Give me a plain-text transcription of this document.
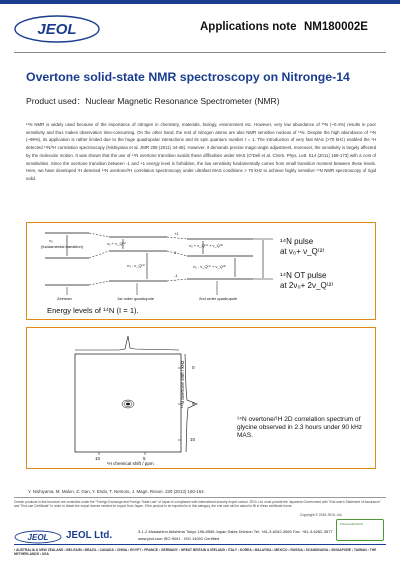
JEOL	Applications note NM180002E
Overtone solid-state NMR spectroscopy on Nitronge-14
Product used：Nuclear Magnetic Resonance Spectrometer (NMR)
¹⁴N NMR is widely used because of the importance of nitrogen in chemistry, materials, biology, environment etc. However, very low abundance of ¹⁵N (~0.4%) results in poor sensitivity and thus makes observation time-consuming. On the other hand, the rest of nitrogen atoms are also NMR sensitive nucleus of ¹⁴N. Despite the high abundance of ¹⁴N (~99%), its application is rather limited due to the huge quadrupolar interactions and its spin quantum number I = 1. The introduction of very fast MAS (>70 kHz) enabled the ¹H detected ¹⁴N/¹H correlation spectroscopy (Nishiyama et al. JMR 208 (2011) 44-48). However, it demands precise magic-angle adjustment, moreover, the sensitivity is largely affected by the molecular motion. It was shown that the use of ¹⁴N overtone transition avoids these difficulties under MAS (O'Dell et al. Chem. Phys. Lett. 514 (2011) 168-173) with a cost of sensitivities. Since the overtone transition between -1 and +1 energy level is forbidden, the low sensitivity fundamentally comes from small transition moment between these levels. Here, we have developed ¹H detected ¹⁴N overtone/¹H correlation spectroscopy under ultrafast MAS conditions > 70 kHz to achieve highly sensitive ¹⁴N NMR spectroscopy of rigid solid.
+1
0
-1
ν₀
(fundamental transition)
ν₀ + ν_Q⁽¹⁾
ν₀ - ν_Q⁽¹⁾
ν₀ + ν_Q⁽¹⁾ + ν_Q⁽²⁾
ν₀ - ν_Q⁽¹⁾ + ν_Q⁽²⁾
Zeeman	1st order quadrupole	2nd order quadrupole
Energy levels of ¹⁴N (I = 1).
¹⁴N pulse
at ν₀+ ν_Q⁽²⁾
¹⁴N OT pulse
at 2ν₀+ 2ν_Q⁽²⁾
0
5
10
10	5
¹H chemical shift / ppm
¹⁴N overtone shift / kHz
¹⁴N overtone/¹H 2D correlation spectrum of glycine observed in 2.3 hours under 90 kHz MAS.
Y. Nishiyama, M. Malon, Z. Gan, Y. Endo, T. Nemoto, J. Magn. Reson. 230 (2013) 160-164.
Certain products in this brochure are controlled under the "Foreign Exchange and Foreign Trade Law" of Japan in compliance with international security export control. JEOL Ltd. must provide the Japanese Government with "End-user's Statement of Assurance" and "End-use Certificate" in order to obtain the export license needed for export from Japan. If the product to be exported is in this category, the end user will be asked to fill in these certificate forms.
Copyright © 2018 JEOL Ltd.
Printed with ECO
JEOL JEOL Ltd.	3-1-2 Musashino Akishima Tokyo 196-8558 Japan Sales Division Tel. +81-3-6262-3560 Fax. +81-3-6262-3577
www.jeol.com ISO 9001 · ISO 14001 Certified
• AUSTRALIA & NEW ZEALAND • BELGIUM • BRAZIL • CANADA • CHINA • EGYPT • FRANCE • GERMANY • GREAT BRITAIN & IRELAND • ITALY • KOREA • MALAYSIA • MEXICO • RUSSIA • SCANDINAVIA • SINGAPORE • TAIWAN • THE NETHERLANDS • USA
